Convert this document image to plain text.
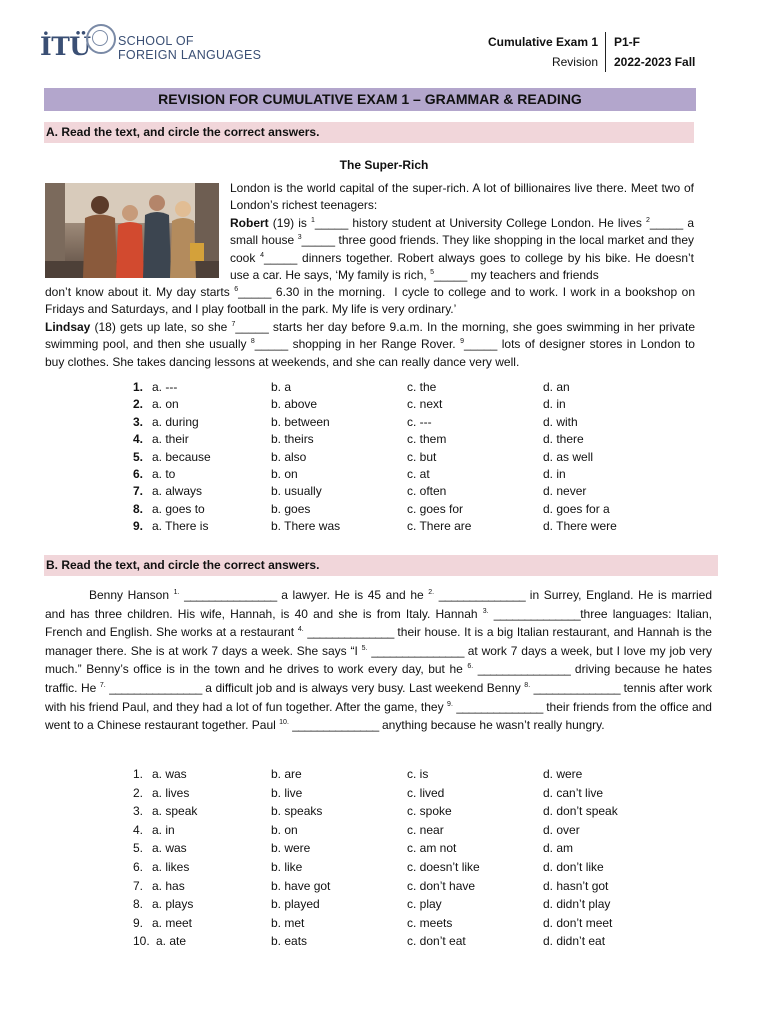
İTÜ SCHOOL OF
FOREIGN LANGUAGES
Cumulative Exam 1
Revision
P1-F
2022-2023 Fall
REVISION FOR CUMULATIVE EXAM 1 – GRAMMAR & READING
A. Read the text, and circle the correct answers.
The Super-Rich
London is the world capital of the super-rich. A lot of billionaires live there. Meet two of London’s richest teenagers:
Robert (19) is $^1$_____ history student at University College London. He lives $^2$_____ a small house $^3$_____ three good friends. They like shopping in the local market and they cook $^4$_____ dinners together. Robert always goes to college by his bike. He doesn’t use a car. He says, ‘My family is rich, $^5$_____ my teachers and friends
don’t know about it. My day starts $^6$_____ 6.30 in the morning.  I cycle to college and to work. I work in a bookshop on Fridays and Saturdays, and I play football in the park. My life is very ordinary.’
Lindsay (18) gets up late, so she $^7$_____ starts her day before 9.a.m. In the morning, she goes swimming in her private swimming pool, and then she usually $^8$_____ shopping in her Range Rover. $^9$_____ lots of designer stores in London to buy clothes. She takes dancing lessons at weekends, and she can really dance very well.
1. a. ---	b. a	c. the	d. an
2. a. on	b. above	c. next	d. in
3. a. during	b. between	c. ---	d. with
4. a. their	b. theirs	c. them	d. there
5. a. because	b. also	c. but	d. as well
6. a. to	b. on	c. at	d. in
7. a. always	b. usually	c. often	d. never
8. a. goes to	b. goes	c. goes for	d. goes for a
9. a. There is	b. There was	c. There are	d. There were
B. Read the text, and circle the correct answers.
Benny Hanson $^{1.}$ _______________ a lawyer. He is 45 and he $^{2.}$ ______________ in Surrey, England. He is married and has three children. His wife, Hannah, is 40 and she is from Italy. Hannah $^{3.}$ ______________three languages: Italian, French and English. She works at a restaurant $^{4.}$ ______________ their house. It is a big Italian restaurant, and Hannah is the manager there. She is at work 7 days a week. She says “I $^{5.}$ _______________ at work 7 days a week, but I love my job very much.” Benny’s office is in the town and he drives to work every day, but he $^{6.}$ _______________ driving because he hates traffic. He $^{7.}$ _______________ a difficult job and is always very busy. Last weekend Benny $^{8.}$ ______________ tennis after work with his friend Paul, and they had a lot of fun together. After the game, they $^{9.}$ ______________ their friends from the office and went to a Chinese restaurant together. Paul $^{10.}$ ______________ anything because he wasn’t really hungry.
1. a. was	b. are	c. is	d. were
2. a. lives	b. live	c. lived	d. can’t live
3. a. speak	b. speaks	c. spoke	d. don’t speak
4. a. in	b. on	c. near	d. over
5. a. was	b. were	c. am not	d. am
6. a. likes	b. like	c. doesn’t like	d. don’t like
7. a. has	b. have got	c. don’t have	d. hasn’t got
8. a. plays	b. played	c. play	d. didn’t play
9. a. meet	b. met	c. meets	d. don’t meet
10. a. ate	b. eats	c. don’t eat	d. didn’t eat
